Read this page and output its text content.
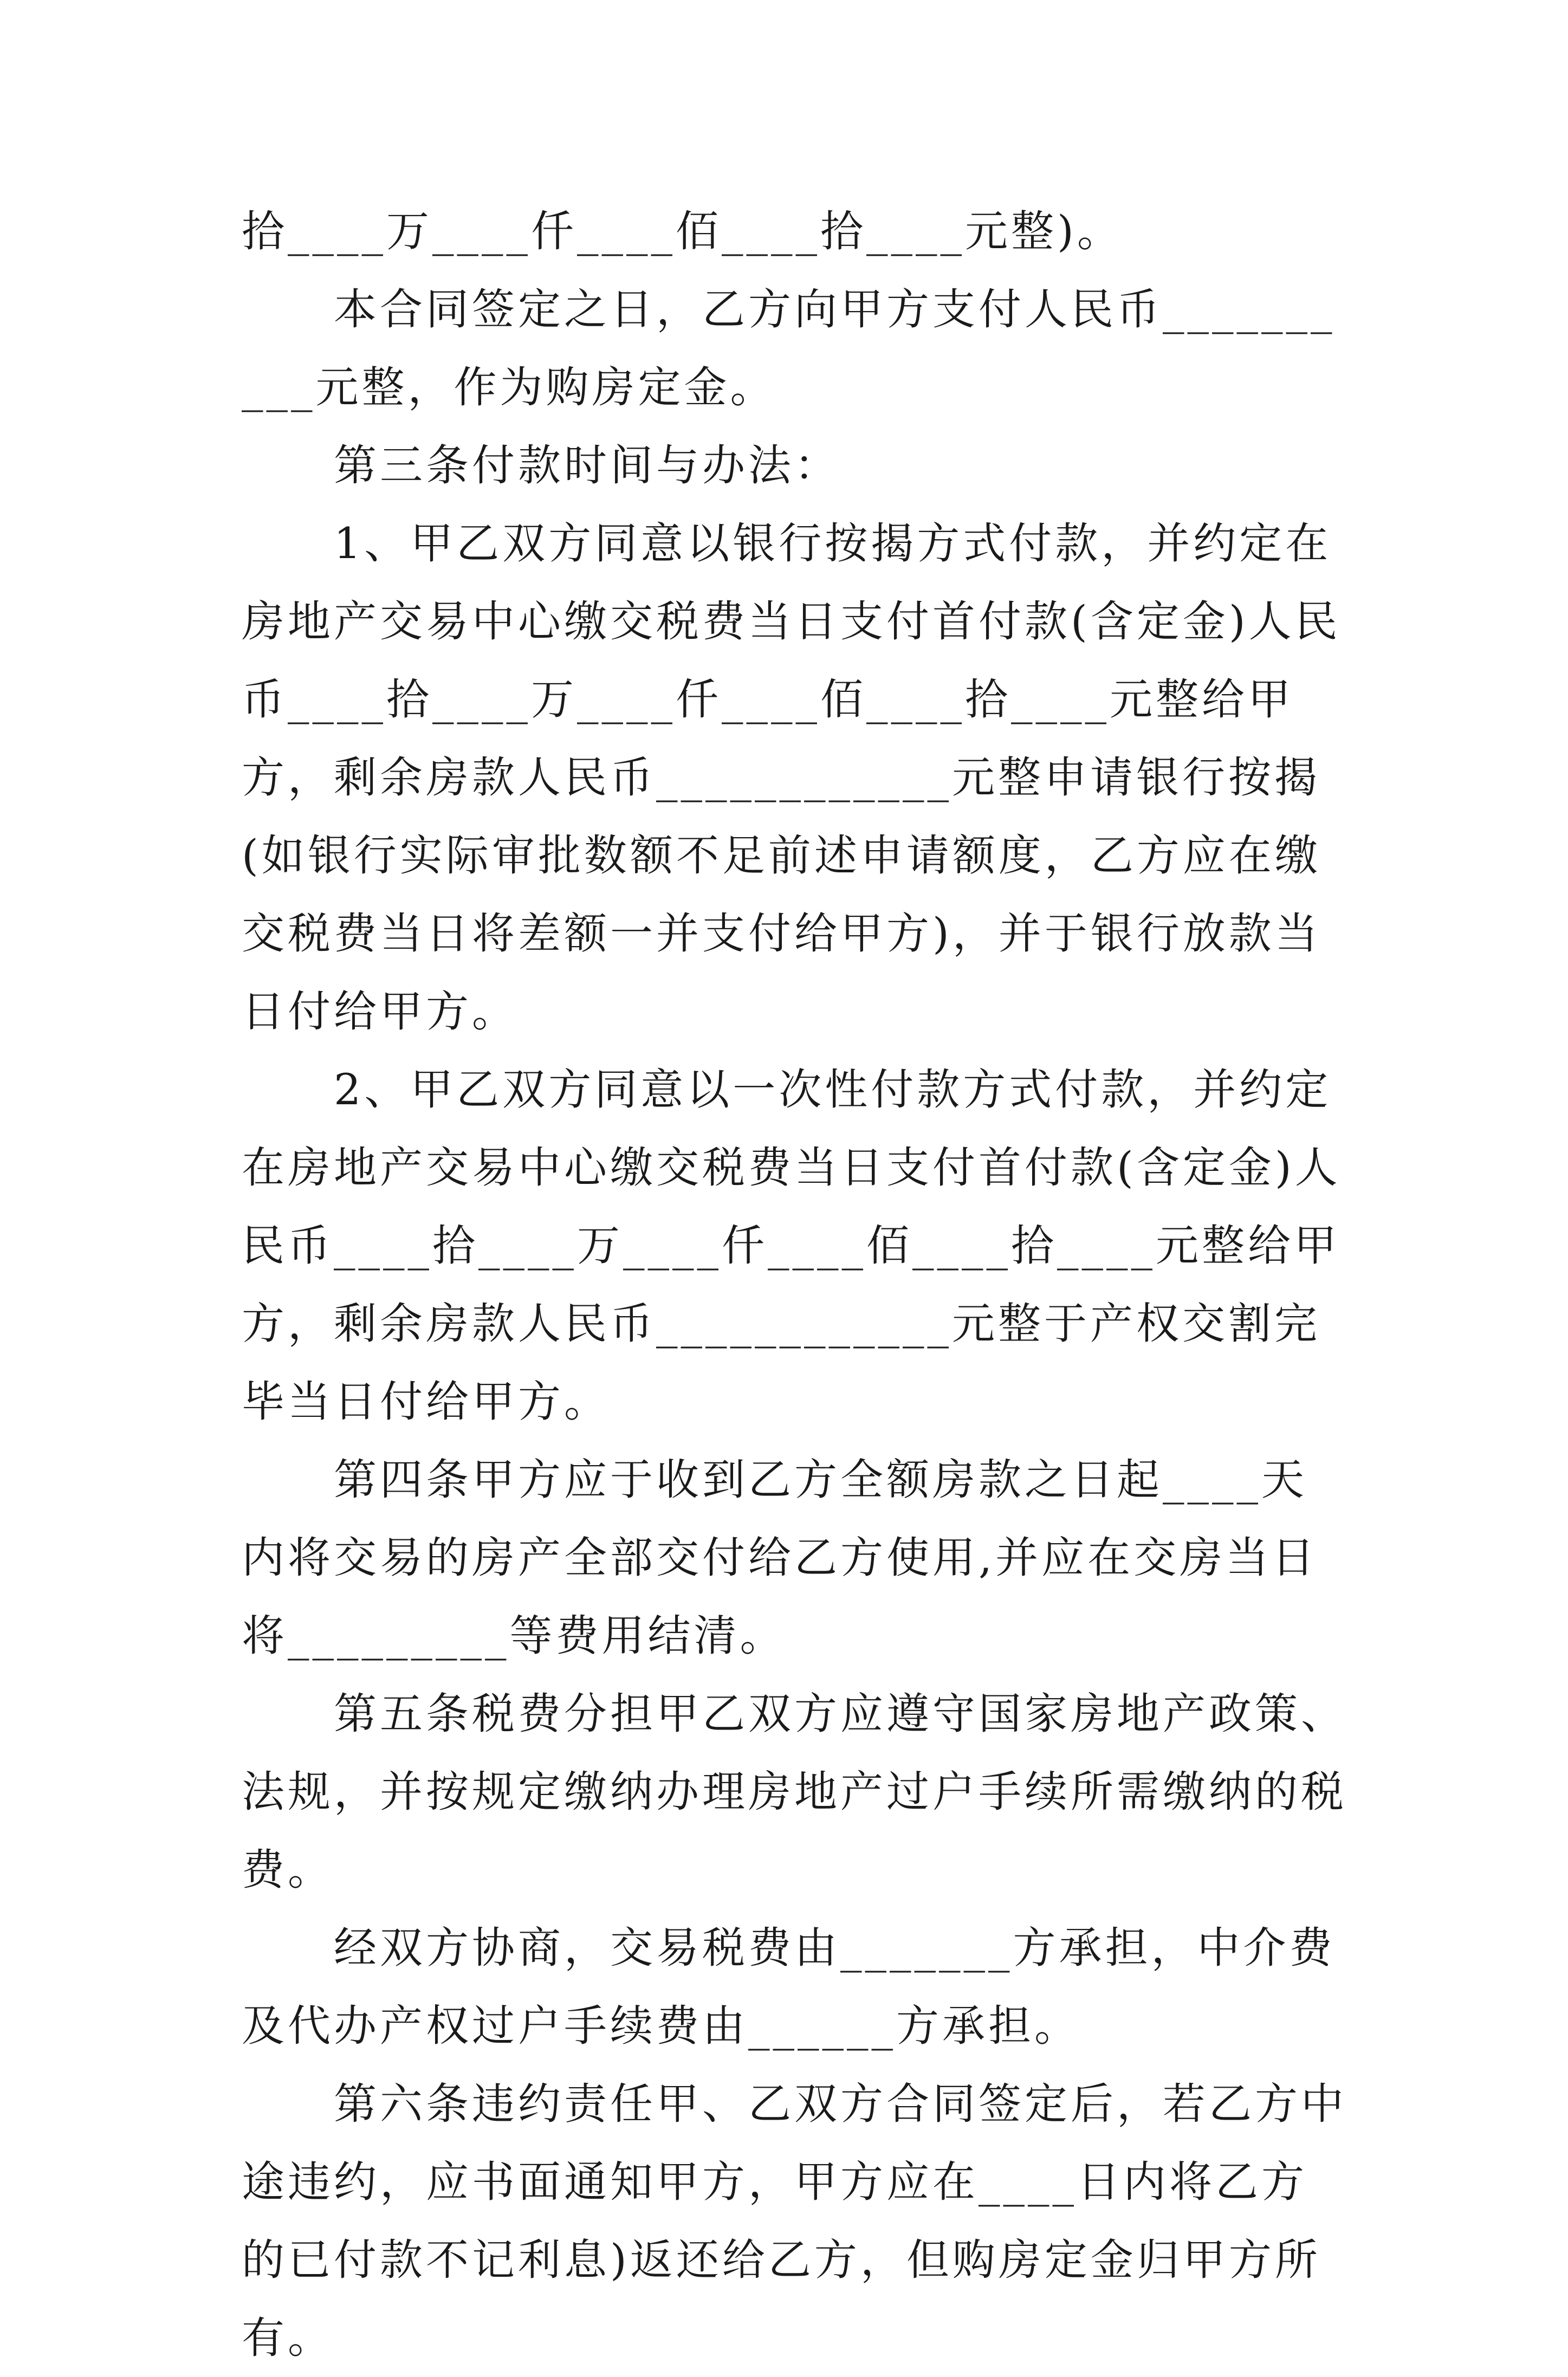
拾____万____仟____佰____拾____元整)。

本合同签定之日，乙方向甲方支付人民币__________元整，作为购房定金。

第三条付款时间与办法：

1、甲乙双方同意以银行按揭方式付款，并约定在房地产交易中心缴交税费当日支付首付款(含定金)人民币____拾____万____仟____佰____拾____元整给甲方，剩余房款人民币____________元整申请银行按揭(如银行实际审批数额不足前述申请额度，乙方应在缴交税费当日将差额一并支付给甲方)，并于银行放款当日付给甲方。

2、甲乙双方同意以一次性付款方式付款，并约定在房地产交易中心缴交税费当日支付首付款(含定金)人民币____拾____万____仟____佰____拾____元整给甲方，剩余房款人民币____________元整于产权交割完毕当日付给甲方。

第四条甲方应于收到乙方全额房款之日起____天内将交易的房产全部交付给乙方使用,并应在交房当日将_________等费用结清。

第五条税费分担甲乙双方应遵守国家房地产政策、法规，并按规定缴纳办理房地产过户手续所需缴纳的税费。

经双方协商，交易税费由_______方承担，中介费及代办产权过户手续费由______方承担。

第六条违约责任甲、乙双方合同签定后，若乙方中途违约，应书面通知甲方，甲方应在____日内将乙方的已付款不记利息)返还给乙方，但购房定金归甲方所有。
